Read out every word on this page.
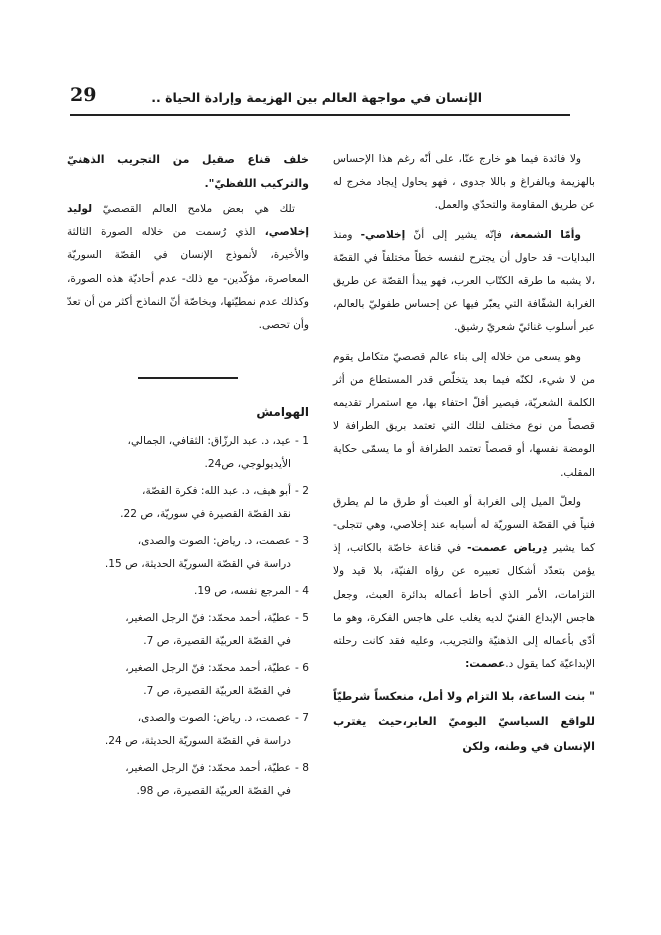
الإنسان في مواجهة العالم بين الهزيمة وإرادة الحياة ..
29

ولا فائدة فيما هو خارج عنّا، على أنّه رغم هذا الإحساس بالهزيمة وبالفراغ و باللا جدوى ، فهو يحاول إيجاد مخرج له عن طريق المقاومة والتحدّي والعمل.

وأمّا الشمعة، فإنّه يشير إلى أنّ إخلاصي- ومنذ البدايات- قد حاول أن يجترح لنفسه خطاً مختلفاً في القصّة ،لا يشبه ما طرقه الكتّاب العرب، فهو يبدأ القصّة عن طريق الغرابة الشفّافة التي يعبّر فيها عن إحساس طفوليّ بالعالم، عبر أسلوب غنائيّ شعريّ رشيق.

وهو يسعى من خلاله إلى بناء عالم قصصيّ متكامل يقوم من لا شيء، لكنّه فيما بعد يتخلّص قدر المستطاع من أثر الكلمة الشعريّة، فيصير أقلّ احتفاء بها، مع استمرار تقديمه قصصاً من نوع مختلف لتلك التي تعتمد بريق الطرافة لا الومضة نفسها، أو قصصاً تعتمد الطرافة أو ما يسمّى حكاية المقلب.

ولعلّ الميل إلى الغرابة أو العبث أو طرق ما لم يطرق فنياً في القصّة السوريّة له أسبابه عند إخلاصي، وهي تتجلى- كما يشير دِرياض عصمت- في قناعة خاصّة بالكاتب، إذ يؤمن بتعدّد أشكال تعبيره عن رؤاه الفنيّة، بلا قيد ولا التزامات، الأمر الذي أحاط أعماله بدائرة العبث، وجعل هاجس الإبداع الفنيّ لديه يغلب على هاجس الفكرة، وهو ما أدّى بأعماله إلى الذهنيّة والتجريب، وعليه فقد كانت رحلته الإبداعيّة كما يقول د.عصمت:

" بنت الساعة، بلا التزام ولا أمل، منعكساً شرطيّاً للواقع السياسيّ اليوميّ العابر،حيث يغترب الإنسان في وطنه، ولكن

خلف قناع صقيل من التجريب الذهنيّ والتركيب اللفظيّ".

تلك هي بعض ملامح العالم القصصيّ لوليد إخلاصي، الذي رُسمت من خلاله الصورة الثالثة والأخيرة، لأنموذج الإنسان في القصّة السوريّة المعاصرة، مؤكّدين- مع ذلك- عدم أحاديّة هذه الصورة، وكذلك عدم نمطيّتها، وبخاصّة أنّ النماذج أكثر من أن تعدّ وأن تحصى.

الهوامش

1 -
عيد، د. عبد الرزّاق: الثقافي، الجمالي،
الأيديولوجي، ص24.

2 -
أبو هيف، د. عبد الله: فكرة القصّة،
نقد القصّة القصيرة في سوريّة، ص 22.

3 -
عصمت، د. رياض: الصوت والصدى،
دراسة في القصّة السوريّة الحديثة، ص 15.

4 -
المرجع نفسه، ص 19.

5 -
عطيّة، أحمد محمّد: فنّ الرجل الصغير،
في القصّة العربيّة القصيرة، ص 7.

6 -
عطيّة، أحمد محمّد: فنّ الرجل الصغير،
في القصّة العربيّة القصيرة، ص 7.

7 -
عصمت، د. رياض: الصوت والصدى،
دراسة في القصّة السوريّة الحديثة، ص 24.

8 -
عطيّة، أحمد محمّد: فنّ الرجل الصغير،
في القصّة العربيّة القصيرة، ص 98.
